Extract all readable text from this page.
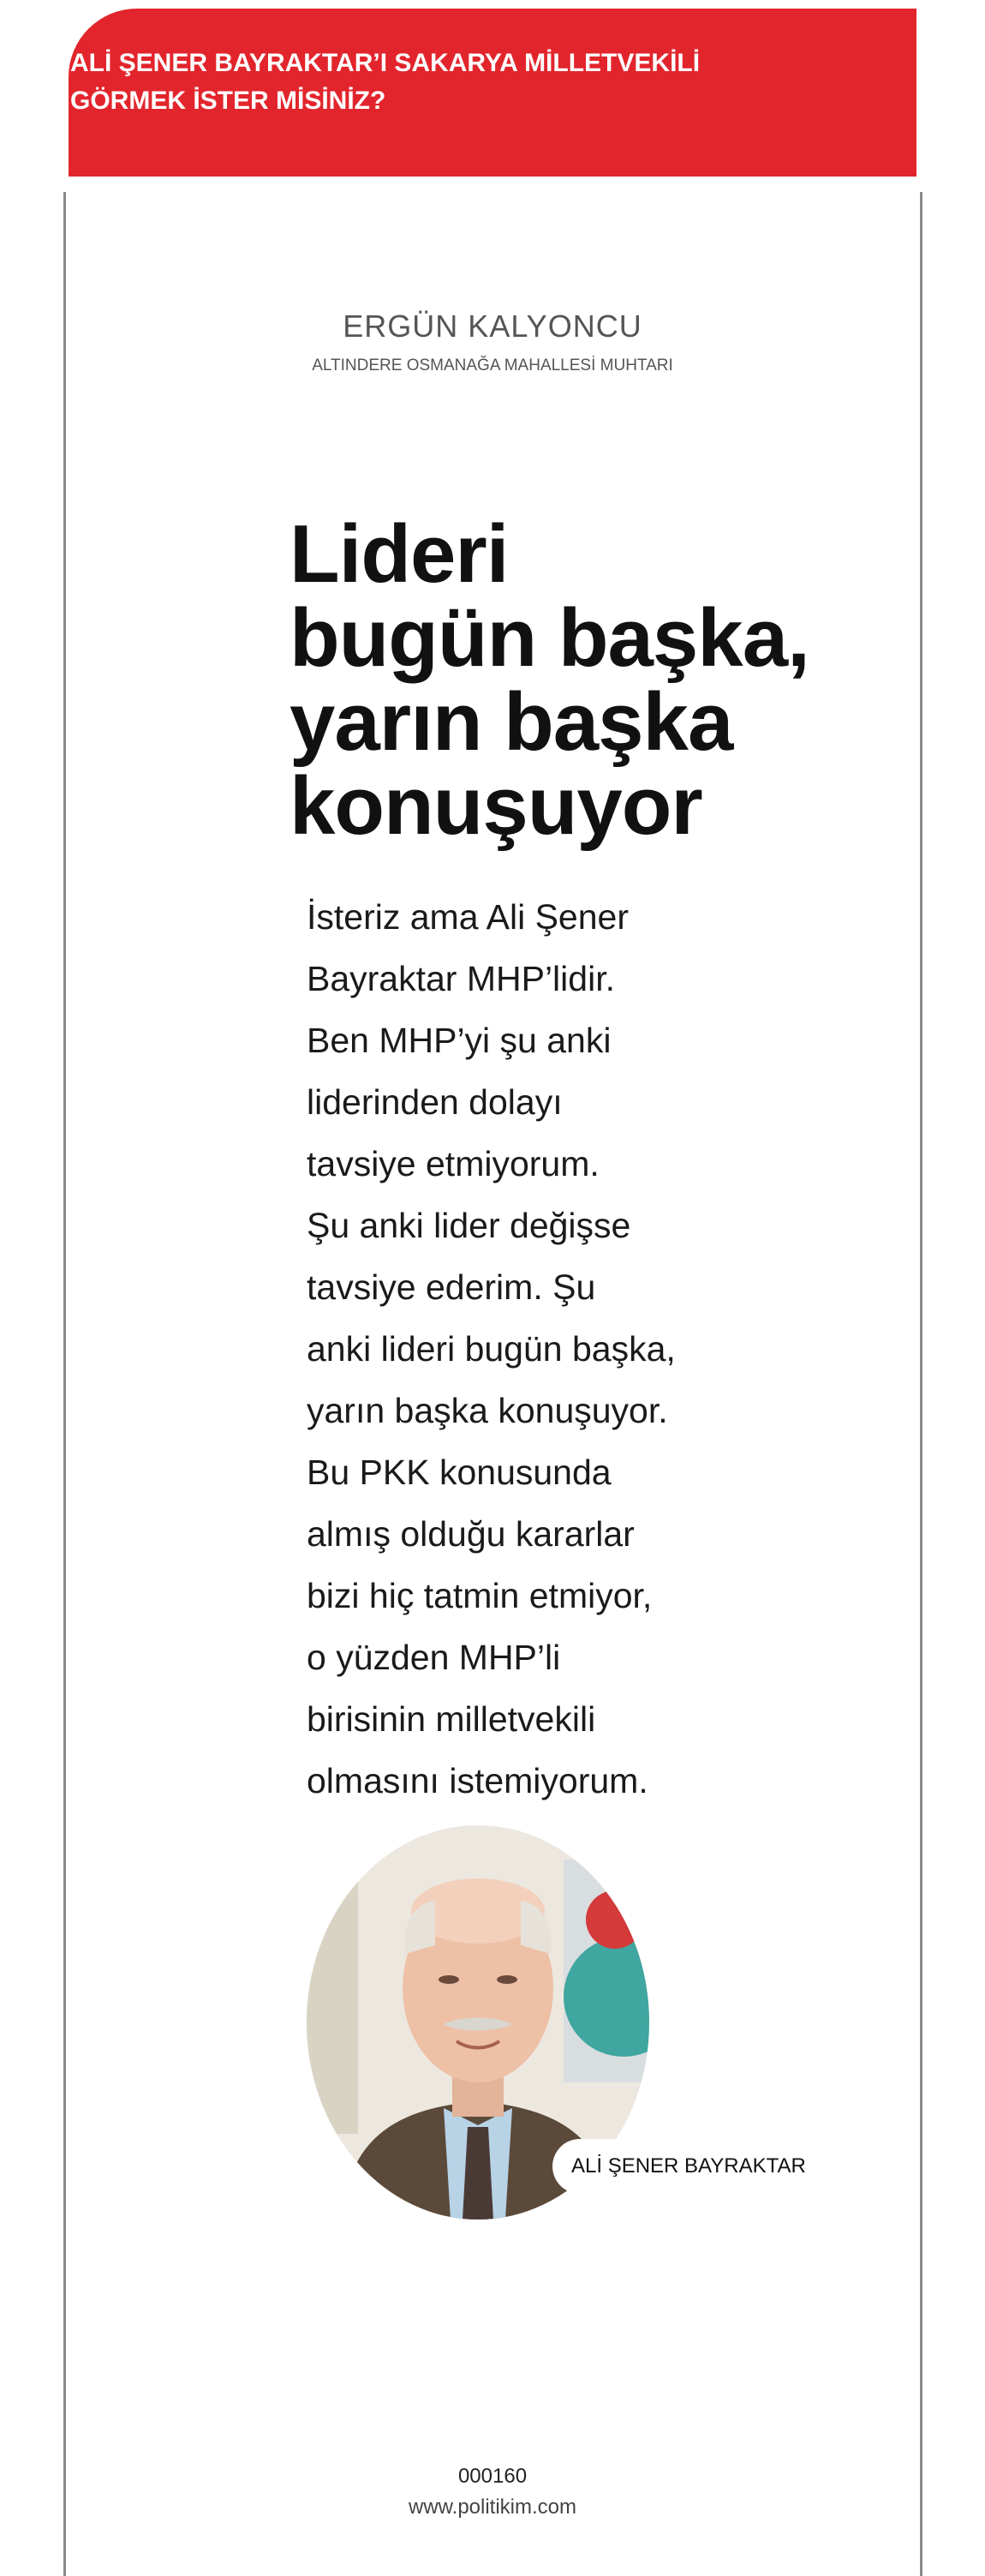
ALİ ŞENER BAYRAKTAR’I SAKARYA MİLLETVEKİLİ
GÖRMEK İSTER MİSİNİZ?
ERGÜN KALYONCU
ALTINDERE OSMANAĞA MAHALLESİ MUHTARI
Lideri
bugün başka,
yarın başka
konuşuyor

İsteriz ama Ali Şener
Bayraktar MHP’lidir.
Ben MHP’yi şu anki
liderinden dolayı
tavsiye etmiyorum.
Şu anki lider değişse
tavsiye ederim. Şu
anki lideri bugün başka,
yarın başka konuşuyor.
Bu PKK konusunda
almış olduğu kararlar
bizi hiç tatmin etmiyor,
o yüzden MHP’li
birisinin milletvekili
olmasını istemiyorum.

ALİ ŞENER BAYRAKTAR
000160
www.politikim.com
